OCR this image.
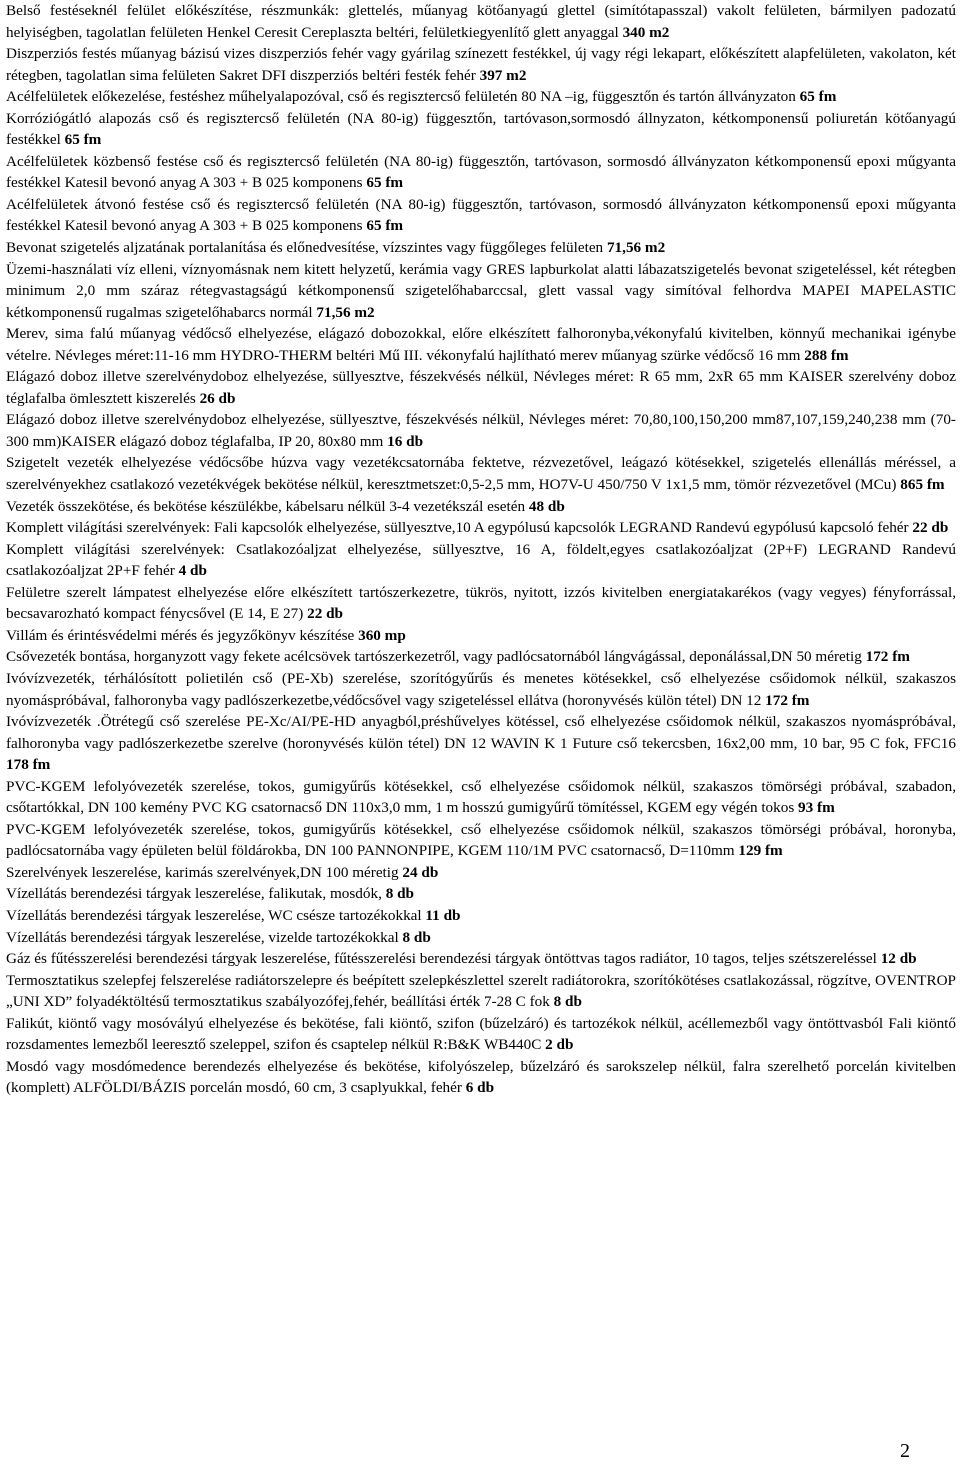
Belső festéseknél felület előkészítése, részmunkák: glettelés, műanyag kötőanyagú glettel (simítótapasszal) vakolt felületen, bármilyen padozatú helyiségben, tagolatlan felületen Henkel Ceresit Cereplaszta beltéri, felületkiegyenlítő glett anyaggal 340 m2

Diszperziós festés műanyag bázisú vizes diszperziós fehér vagy gyárilag színezett festékkel, új vagy régi lekapart, előkészített alapfelületen, vakolaton, két rétegben, tagolatlan sima felületen Sakret DFI diszperziós beltéri festék fehér 397 m2

Acélfelületek előkezelése, festéshez műhelyalapozóval, cső és regisztercső felületén 80 NA –ig, függesztőn és tartón állványzaton 65 fm

Korróziógátló alapozás cső és regisztercső felületén (NA 80-ig) függesztőn, tartóvason,sormosdó állnyzaton, kétkomponensű poliuretán kötőanyagú festékkel 65 fm

Acélfelületek közbenső festése cső és regisztercső felületén (NA 80-ig) függesztőn, tartóvason, sormosdó állványzaton kétkomponensű epoxi műgyanta festékkel Katesil bevonó anyag A 303 + B 025 komponens 65 fm

Acélfelületek átvonó festése cső és regisztercső felületén (NA 80-ig) függesztőn, tartóvason, sormosdó állványzaton kétkomponensű epoxi műgyanta festékkel Katesil bevonó anyag A 303 + B 025 komponens 65 fm

Bevonat szigetelés aljzatának portalanítása és előnedvesítése, vízszintes vagy függőleges felületen 71,56 m2

Üzemi-használati víz elleni, víznyomásnak nem kitett helyzetű, kerámia vagy GRES lapburkolat alatti lábazatszigetelés bevonat szigeteléssel, két rétegben minimum 2,0 mm száraz rétegvastagságú kétkomponensű szigetelőhabarccsal, glett vassal vagy simítóval felhordva MAPEI MAPELASTIC kétkomponensű rugalmas szigetelőhabarcs normál 71,56 m2

Merev, sima falú műanyag védőcső elhelyezése, elágazó dobozokkal, előre elkészített falhoronyba,vékonyfalú kivitelben, könnyű mechanikai igénybe vételre. Névleges méret:11-16 mm HYDRO-THERM beltéri Mű III. vékonyfalú hajlítható merev műanyag szürke védőcső 16 mm 288 fm

Elágazó doboz illetve szerelvénydoboz elhelyezése, süllyesztve, fészekvésés nélkül, Névleges méret: R 65 mm, 2xR 65 mm KAISER szerelvény doboz téglafalba ömlesztett kiszerelés 26 db

Elágazó doboz illetve szerelvénydoboz elhelyezése, süllyesztve, fészekvésés nélkül, Névleges méret: 70,80,100,150,200 mm87,107,159,240,238 mm (70-300 mm)KAISER elágazó doboz téglafalba, IP 20, 80x80 mm 16 db

Szigetelt vezeték elhelyezése védőcsőbe húzva vagy vezetékcsatornába fektetve, rézvezetővel, leágazó kötésekkel, szigetelés ellenállás méréssel, a szerelvényekhez csatlakozó vezetékvégek bekötése nélkül, keresztmetszet:0,5-2,5 mm, HO7V-U 450/750 V 1x1,5 mm, tömör rézvezetővel (MCu) 865 fm

Vezeték összekötése, és bekötése készülékbe, kábelsaru nélkül 3-4 vezetékszál esetén 48 db

Komplett világítási szerelvények: Fali kapcsolók elhelyezése, süllyesztve,10 A egypólusú kapcsolók LEGRAND Randevú egypólusú kapcsoló fehér 22 db

Komplett világítási szerelvények: Csatlakozóaljzat elhelyezése, süllyesztve, 16 A, földelt,egyes csatlakozóaljzat (2P+F) LEGRAND Randevú csatlakozóaljzat 2P+F fehér 4 db

Felületre szerelt lámpatest elhelyezése előre elkészített tartószerkezetre, tükrös, nyitott, izzós kivitelben energiatakarékos (vagy vegyes) fényforrással, becsavarozható kompact fénycsővel (E 14, E 27) 22 db

Villám és érintésvédelmi mérés és jegyzőkönyv készítése 360 mp

Csővezeték bontása, horganyzott vagy fekete acélcsövek tartószerkezetről, vagy padlócsatornából lángvágással, deponálással,DN 50 méretig 172 fm

Ivóvízvezeték, térhálósított polietilén cső (PE-Xb) szerelése, szorítógyűrűs és menetes kötésekkel, cső elhelyezése csőidomok nélkül, szakaszos nyomáspróbával, falhoronyba vagy padlószerkezetbe,védőcsővel vagy szigeteléssel ellátva (horonyvésés külön tétel) DN 12 172 fm

Ivóvízvezeték .Ötrétegű cső szerelése PE-Xc/AI/PE-HD anyagból,préshűvelyes kötéssel, cső elhelyezése csőidomok nélkül, szakaszos nyomáspróbával, falhoronyba vagy padlószerkezetbe szerelve (horonyvésés külön tétel) DN 12 WAVIN K 1 Future cső tekercsben, 16x2,00 mm, 10 bar, 95 C fok, FFC16 178 fm

PVC-KGEM lefolyóvezeték szerelése, tokos, gumigyűrűs kötésekkel, cső elhelyezése csőidomok nélkül, szakaszos tömörségi próbával, szabadon, csőtartókkal, DN 100 kemény PVC KG csatornacső DN 110x3,0 mm, 1 m hosszú gumigyűrű tömítéssel, KGEM egy végén tokos 93 fm

PVC-KGEM lefolyóvezeték szerelése, tokos, gumigyűrűs kötésekkel, cső elhelyezése csőidomok nélkül, szakaszos tömörségi próbával, horonyba, padlócsatornába vagy épületen belül földárokba, DN 100 PANNONPIPE, KGEM 110/1M PVC csatornacső, D=110mm 129 fm

Szerelvények leszerelése, karimás szerelvények,DN 100 méretig 24 db

Vízellátás berendezési tárgyak leszerelése, falikutak, mosdók, 8 db

Vízellátás berendezési tárgyak leszerelése, WC csésze tartozékokkal 11 db

Vízellátás berendezési tárgyak leszerelése, vizelde tartozékokkal 8 db

Gáz és fűtésszerelési berendezési tárgyak leszerelése, fűtésszerelési berendezési tárgyak öntöttvas tagos radiátor, 10 tagos, teljes szétszereléssel 12 db

Termosztatikus szelepfej felszerelése radiátorszelepre és beépített szelepkészlettel szerelt radiátorokra, szorítókötéses csatlakozással, rögzítve, OVENTROP „UNI XD” folyadéktöltésű termosztatikus szabályozófej,fehér, beállítási érték 7-28 C fok 8 db

Falikút, kiöntő vagy mosóvályú elhelyezése és bekötése, fali kiöntő, szifon (bűzelzáró) és tartozékok nélkül, acéllemezből vagy öntöttvasból Fali kiöntő rozsdamentes lemezből leeresztő szeleppel, szifon és csaptelep nélkül R:B&K WB440C 2 db

Mosdó vagy mosdómedence berendezés elhelyezése és bekötése, kifolyószelep, bűzelzáró és sarokszelep nélkül, falra szerelhető porcelán kivitelben (komplett) ALFÖLDI/BÁZIS porcelán mosdó, 60 cm, 3 csaplyukkal, fehér 6 db

2
